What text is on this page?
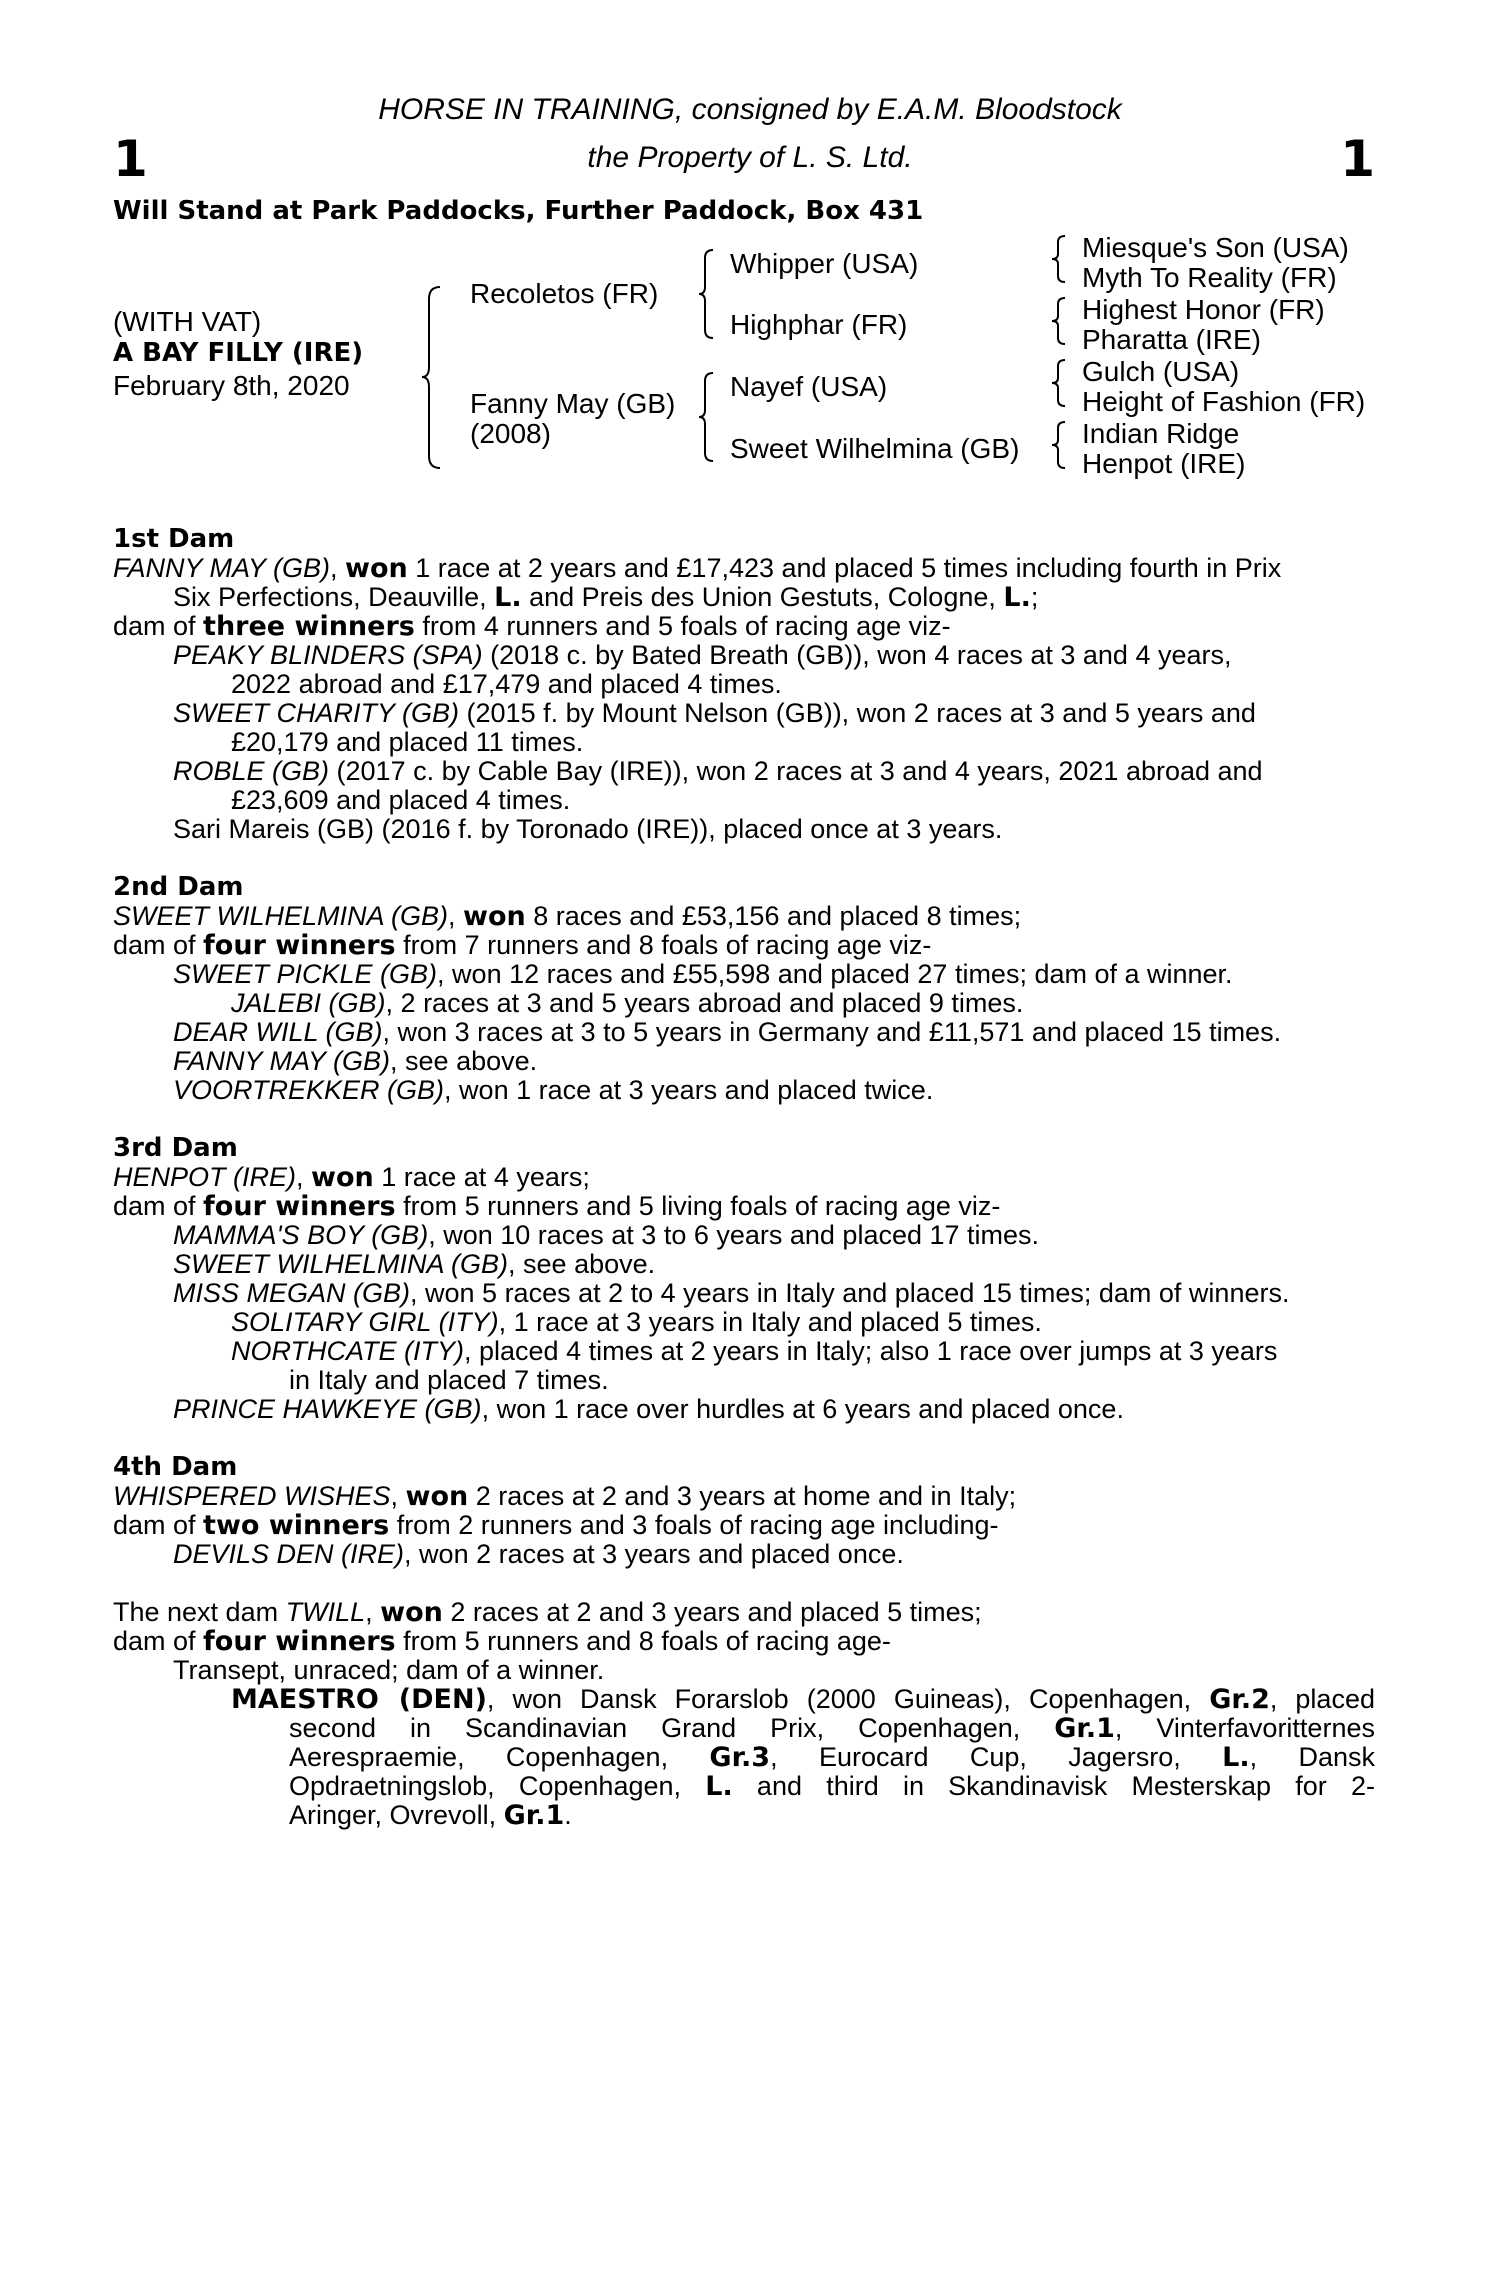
HORSE IN TRAINING, consigned by E.A.M. Bloodstock
the Property of L. S. Ltd.
1	1
Will Stand at Park Paddocks, Further Paddock, Box 431
(WITH VAT)
A BAY FILLY (IRE)
February 8th, 2020
Recoletos (FR)
Fanny May (GB)
(2008)
Whipper (USA)
Highphar (FR)
Nayef (USA)
Sweet Wilhelmina (GB)
Miesque's Son (USA)
Myth To Reality (FR)
Highest Honor (FR)
Pharatta (IRE)
Gulch (USA)
Height of Fashion (FR)
Indian Ridge
Henpot (IRE)
1st Dam
FANNY MAY (GB), won 1 race at 2 years and £17,423 and placed 5 times including fourth in Prix
Six Perfections, Deauville, L. and Preis des Union Gestuts, Cologne, L.;
dam of three winners from 4 runners and 5 foals of racing age viz-
PEAKY BLINDERS (SPA) (2018 c. by Bated Breath (GB)), won 4 races at 3 and 4 years,
2022 abroad and £17,479 and placed 4 times.
SWEET CHARITY (GB) (2015 f. by Mount Nelson (GB)), won 2 races at 3 and 5 years and
£20,179 and placed 11 times.
ROBLE (GB) (2017 c. by Cable Bay (IRE)), won 2 races at 3 and 4 years, 2021 abroad and
£23,609 and placed 4 times.
Sari Mareis (GB) (2016 f. by Toronado (IRE)), placed once at 3 years.
2nd Dam
SWEET WILHELMINA (GB), won 8 races and £53,156 and placed 8 times;
dam of four winners from 7 runners and 8 foals of racing age viz-
SWEET PICKLE (GB), won 12 races and £55,598 and placed 27 times; dam of a winner.
JALEBI (GB), 2 races at 3 and 5 years abroad and placed 9 times.
DEAR WILL (GB), won 3 races at 3 to 5 years in Germany and £11,571 and placed 15 times.
FANNY MAY (GB), see above.
VOORTREKKER (GB), won 1 race at 3 years and placed twice.
3rd Dam
HENPOT (IRE), won 1 race at 4 years;
dam of four winners from 5 runners and 5 living foals of racing age viz-
MAMMA'S BOY (GB), won 10 races at 3 to 6 years and placed 17 times.
SWEET WILHELMINA (GB), see above.
MISS MEGAN (GB), won 5 races at 2 to 4 years in Italy and placed 15 times; dam of winners.
SOLITARY GIRL (ITY), 1 race at 3 years in Italy and placed 5 times.
NORTHCATE (ITY), placed 4 times at 2 years in Italy; also 1 race over jumps at 3 years
in Italy and placed 7 times.
PRINCE HAWKEYE (GB), won 1 race over hurdles at 6 years and placed once.
4th Dam
WHISPERED WISHES, won 2 races at 2 and 3 years at home and in Italy;
dam of two winners from 2 runners and 3 foals of racing age including-
DEVILS DEN (IRE), won 2 races at 3 years and placed once.
The next dam TWILL, won 2 races at 2 and 3 years and placed 5 times;
dam of four winners from 5 runners and 8 foals of racing age-
Transept, unraced; dam of a winner.
MAESTRO (DEN), won Dansk Forarslob (2000 Guineas), Copenhagen, Gr.2, placed
second in Scandinavian Grand Prix, Copenhagen, Gr.1, Vinterfavoritternes
Aerespraemie, Copenhagen, Gr.3, Eurocard Cup, Jagersro, L., Dansk
Opdraetningslob, Copenhagen, L. and third in Skandinavisk Mesterskap for 2-
Aringer, Ovrevoll, Gr.1.
